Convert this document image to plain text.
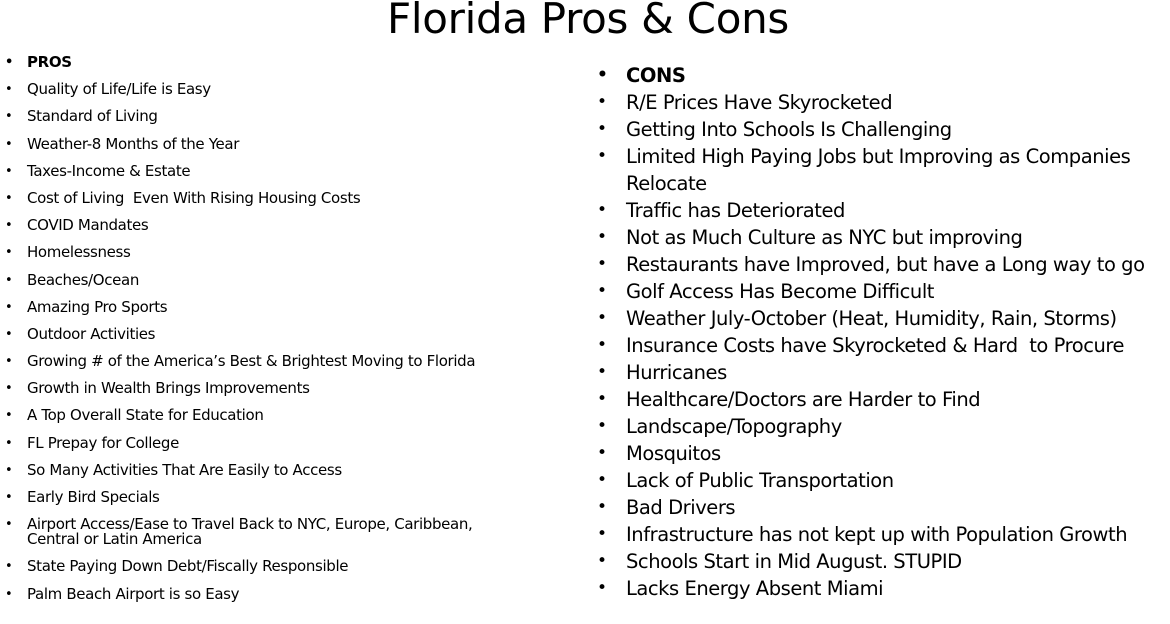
Florida Pros & Cons
• PROS
• Quality of Life/Life is Easy
• Standard of Living
• Weather-8 Months of the Year
• Taxes-Income & Estate
• Cost of Living  Even With Rising Housing Costs
• COVID Mandates
• Homelessness
• Beaches/Ocean
• Amazing Pro Sports
• Outdoor Activities
• Growing # of the America’s Best & Brightest Moving to Florida
• Growth in Wealth Brings Improvements
• A Top Overall State for Education
• FL Prepay for College
• So Many Activities That Are Easily to Access
• Early Bird Specials
• Airport Access/Ease to Travel Back to NYC, Europe, Caribbean, Central or Latin America
• State Paying Down Debt/Fiscally Responsible
• Palm Beach Airport is so Easy
• CONS
• R/E Prices Have Skyrocketed
• Getting Into Schools Is Challenging
• Limited High Paying Jobs but Improving as Companies Relocate
• Traffic has Deteriorated
• Not as Much Culture as NYC but improving
• Restaurants have Improved, but have a Long way to go
• Golf Access Has Become Difficult
• Weather July-October (Heat, Humidity, Rain, Storms)
• Insurance Costs have Skyrocketed & Hard  to Procure
• Hurricanes
• Healthcare/Doctors are Harder to Find
• Landscape/Topography
• Mosquitos
• Lack of Public Transportation
• Bad Drivers
• Infrastructure has not kept up with Population Growth
• Schools Start in Mid August. STUPID
• Lacks Energy Absent Miami
